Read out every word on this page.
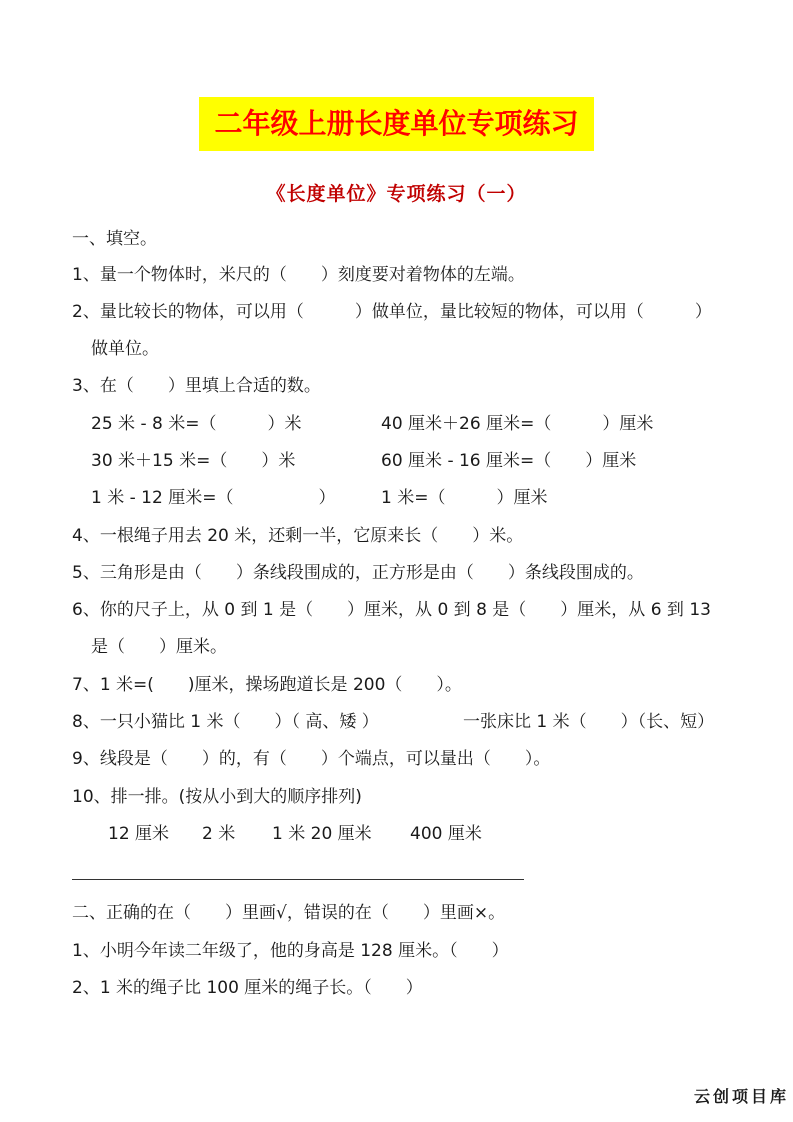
二年级上册长度单位专项练习
《长度单位》专项练习（一）
一、填空。
1、量一个物体时，米尺的（　　）刻度要对着物体的左端。
2、量比较长的物体，可以用（　　　）做单位，量比较短的物体，可以用（　　　）
做单位。
3、在（　　）里填上合适的数。
25 米 - 8 米=（　　　）米	40 厘米＋26 厘米=（　　　）厘米
30 米＋15 米=（　　）米	60 厘米 - 16 厘米=（　　）厘米
1 米 - 12 厘米=（　　　　　）	1 米=（　　　）厘米
4、一根绳子用去 20 米，还剩一半，它原来长（　　）米。
5、三角形是由（　　）条线段围成的，正方形是由（　　）条线段围成的。
6、你的尺子上，从 0 到 1 是（　　）厘米，从 0 到 8 是（　　）厘米，从 6 到 13
是（　　）厘米。
7、1 米=(　　)厘米，操场跑道长是 200（　　）。
8、一只小猫比 1 米（　　）（ 高、矮 ）	一张床比 1 米（　　）（长、短）
9、线段是（　　）的，有（　　）个端点，可以量出（　　）。
10、排一排。(按从小到大的顺序排列)
12 厘米 2 米 1 米 20 厘米 400 厘米
二、正确的在（　　）里画√，错误的在（　　）里画×。
1、小明今年读二年级了，他的身高是 128 厘米。（　　）
2、1 米的绳子比 100 厘米的绳子长。（　　）
云创项目库
